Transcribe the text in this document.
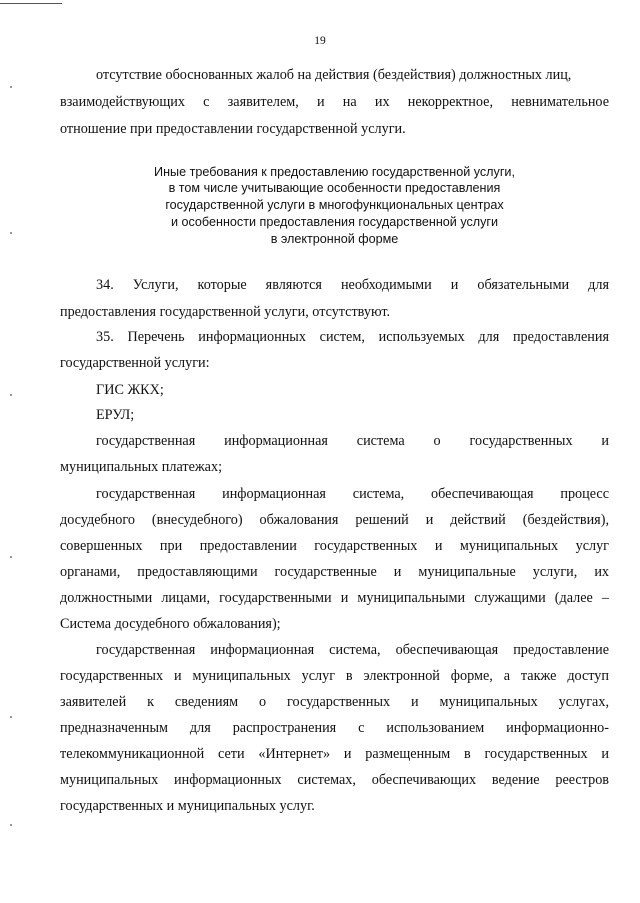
19
отсутствие обоснованных жалоб на действия (бездействия) должностных лиц,
взаимодействующих с заявителем, и на их некорректное, невнимательное
отношение при предоставлении государственной услуги.
Иные требования к предоставлению государственной услуги,
в том числе учитывающие особенности предоставления
государственной услуги в многофункциональных центрах
и особенности предоставления государственной услуги
в электронной форме
34. Услуги, которые являются необходимыми и обязательными для
предоставления государственной услуги, отсутствуют.
35. Перечень информационных систем, используемых для предоставления
государственной услуги:
ГИС ЖКХ;
ЕРУЛ;
государственная информационная система о государственных и
муниципальных платежах;
государственная информационная система, обеспечивающая процесс
досудебного (внесудебного) обжалования решений и действий (бездействия),
совершенных при предоставлении государственных и муниципальных услуг
органами, предоставляющими государственные и муниципальные услуги, их
должностными лицами, государственными и муниципальными служащими (далее –
Система досудебного обжалования);
государственная информационная система, обеспечивающая предоставление
государственных и муниципальных услуг в электронной форме, а также доступ
заявителей к сведениям о государственных и муниципальных услугах,
предназначенным для распространения с использованием информационно-
телекоммуникационной сети «Интернет» и размещенным в государственных и
муниципальных информационных системах, обеспечивающих ведение реестров
государственных и муниципальных услуг.
